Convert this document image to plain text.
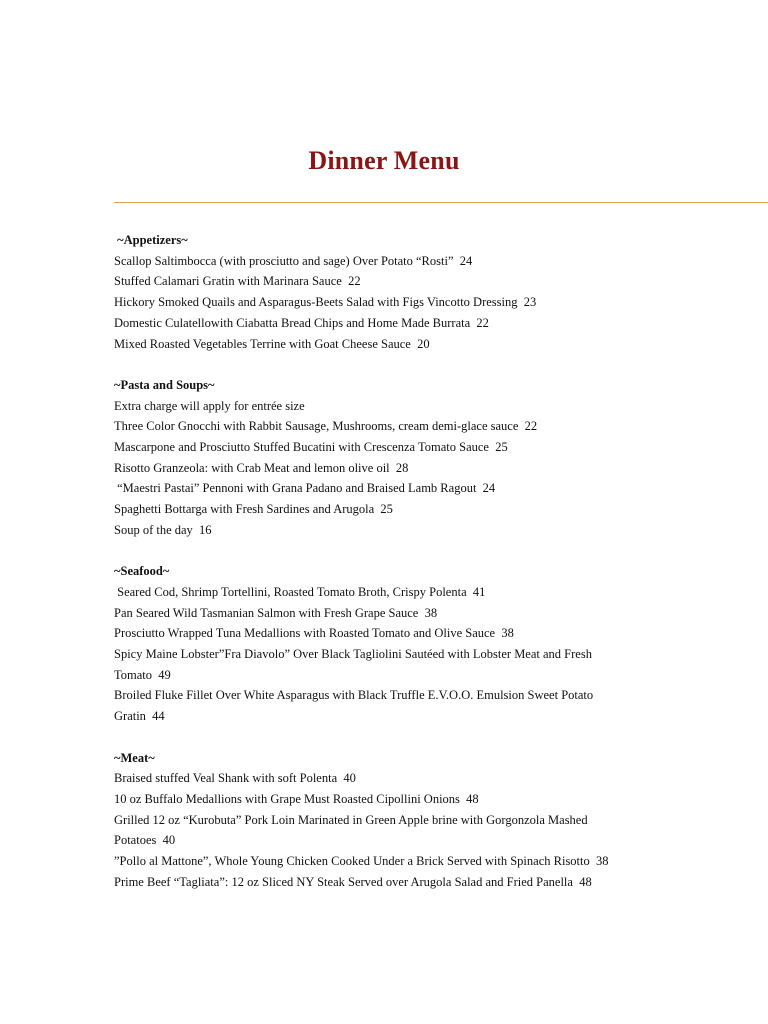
Dinner Menu
~Appetizers~
Scallop Saltimbocca (with prosciutto and sage) Over Potato “Rosti”  24
Stuffed Calamari Gratin with Marinara Sauce  22
Hickory Smoked Quails and Asparagus-Beets Salad with Figs Vincotto Dressing  23
Domestic Culatellowith Ciabatta Bread Chips and Home Made Burrata  22
Mixed Roasted Vegetables Terrine with Goat Cheese Sauce  20
~Pasta and Soups~
Extra charge will apply for entrée size
Three Color Gnocchi with Rabbit Sausage, Mushrooms, cream demi-glace sauce  22
Mascarpone and Prosciutto Stuffed Bucatini with Crescenza Tomato Sauce  25
Risotto Granzeola: with Crab Meat and lemon olive oil  28
“Maestri Pastai” Pennoni with Grana Padano and Braised Lamb Ragout  24
Spaghetti Bottarga with Fresh Sardines and Arugola  25
Soup of the day  16
~Seafood~
Seared Cod, Shrimp Tortellini, Roasted Tomato Broth, Crispy Polenta  41
Pan Seared Wild Tasmanian Salmon with Fresh Grape Sauce  38
Prosciutto Wrapped Tuna Medallions with Roasted Tomato and Olive Sauce  38
Spicy Maine Lobster”Fra Diavolo” Over Black Tagliolini Sautéed with Lobster Meat and Fresh
Tomato  49
Broiled Fluke Fillet Over White Asparagus with Black Truffle E.V.O.O. Emulsion Sweet Potato
Gratin  44
~Meat~
Braised stuffed Veal Shank with soft Polenta  40
10 oz Buffalo Medallions with Grape Must Roasted Cipollini Onions  48
Grilled 12 oz “Kurobuta” Pork Loin Marinated in Green Apple brine with Gorgonzola Mashed
Potatoes  40
”Pollo al Mattone”, Whole Young Chicken Cooked Under a Brick Served with Spinach Risotto  38
Prime Beef “Tagliata”: 12 oz Sliced NY Steak Served over Arugola Salad and Fried Panella  48
